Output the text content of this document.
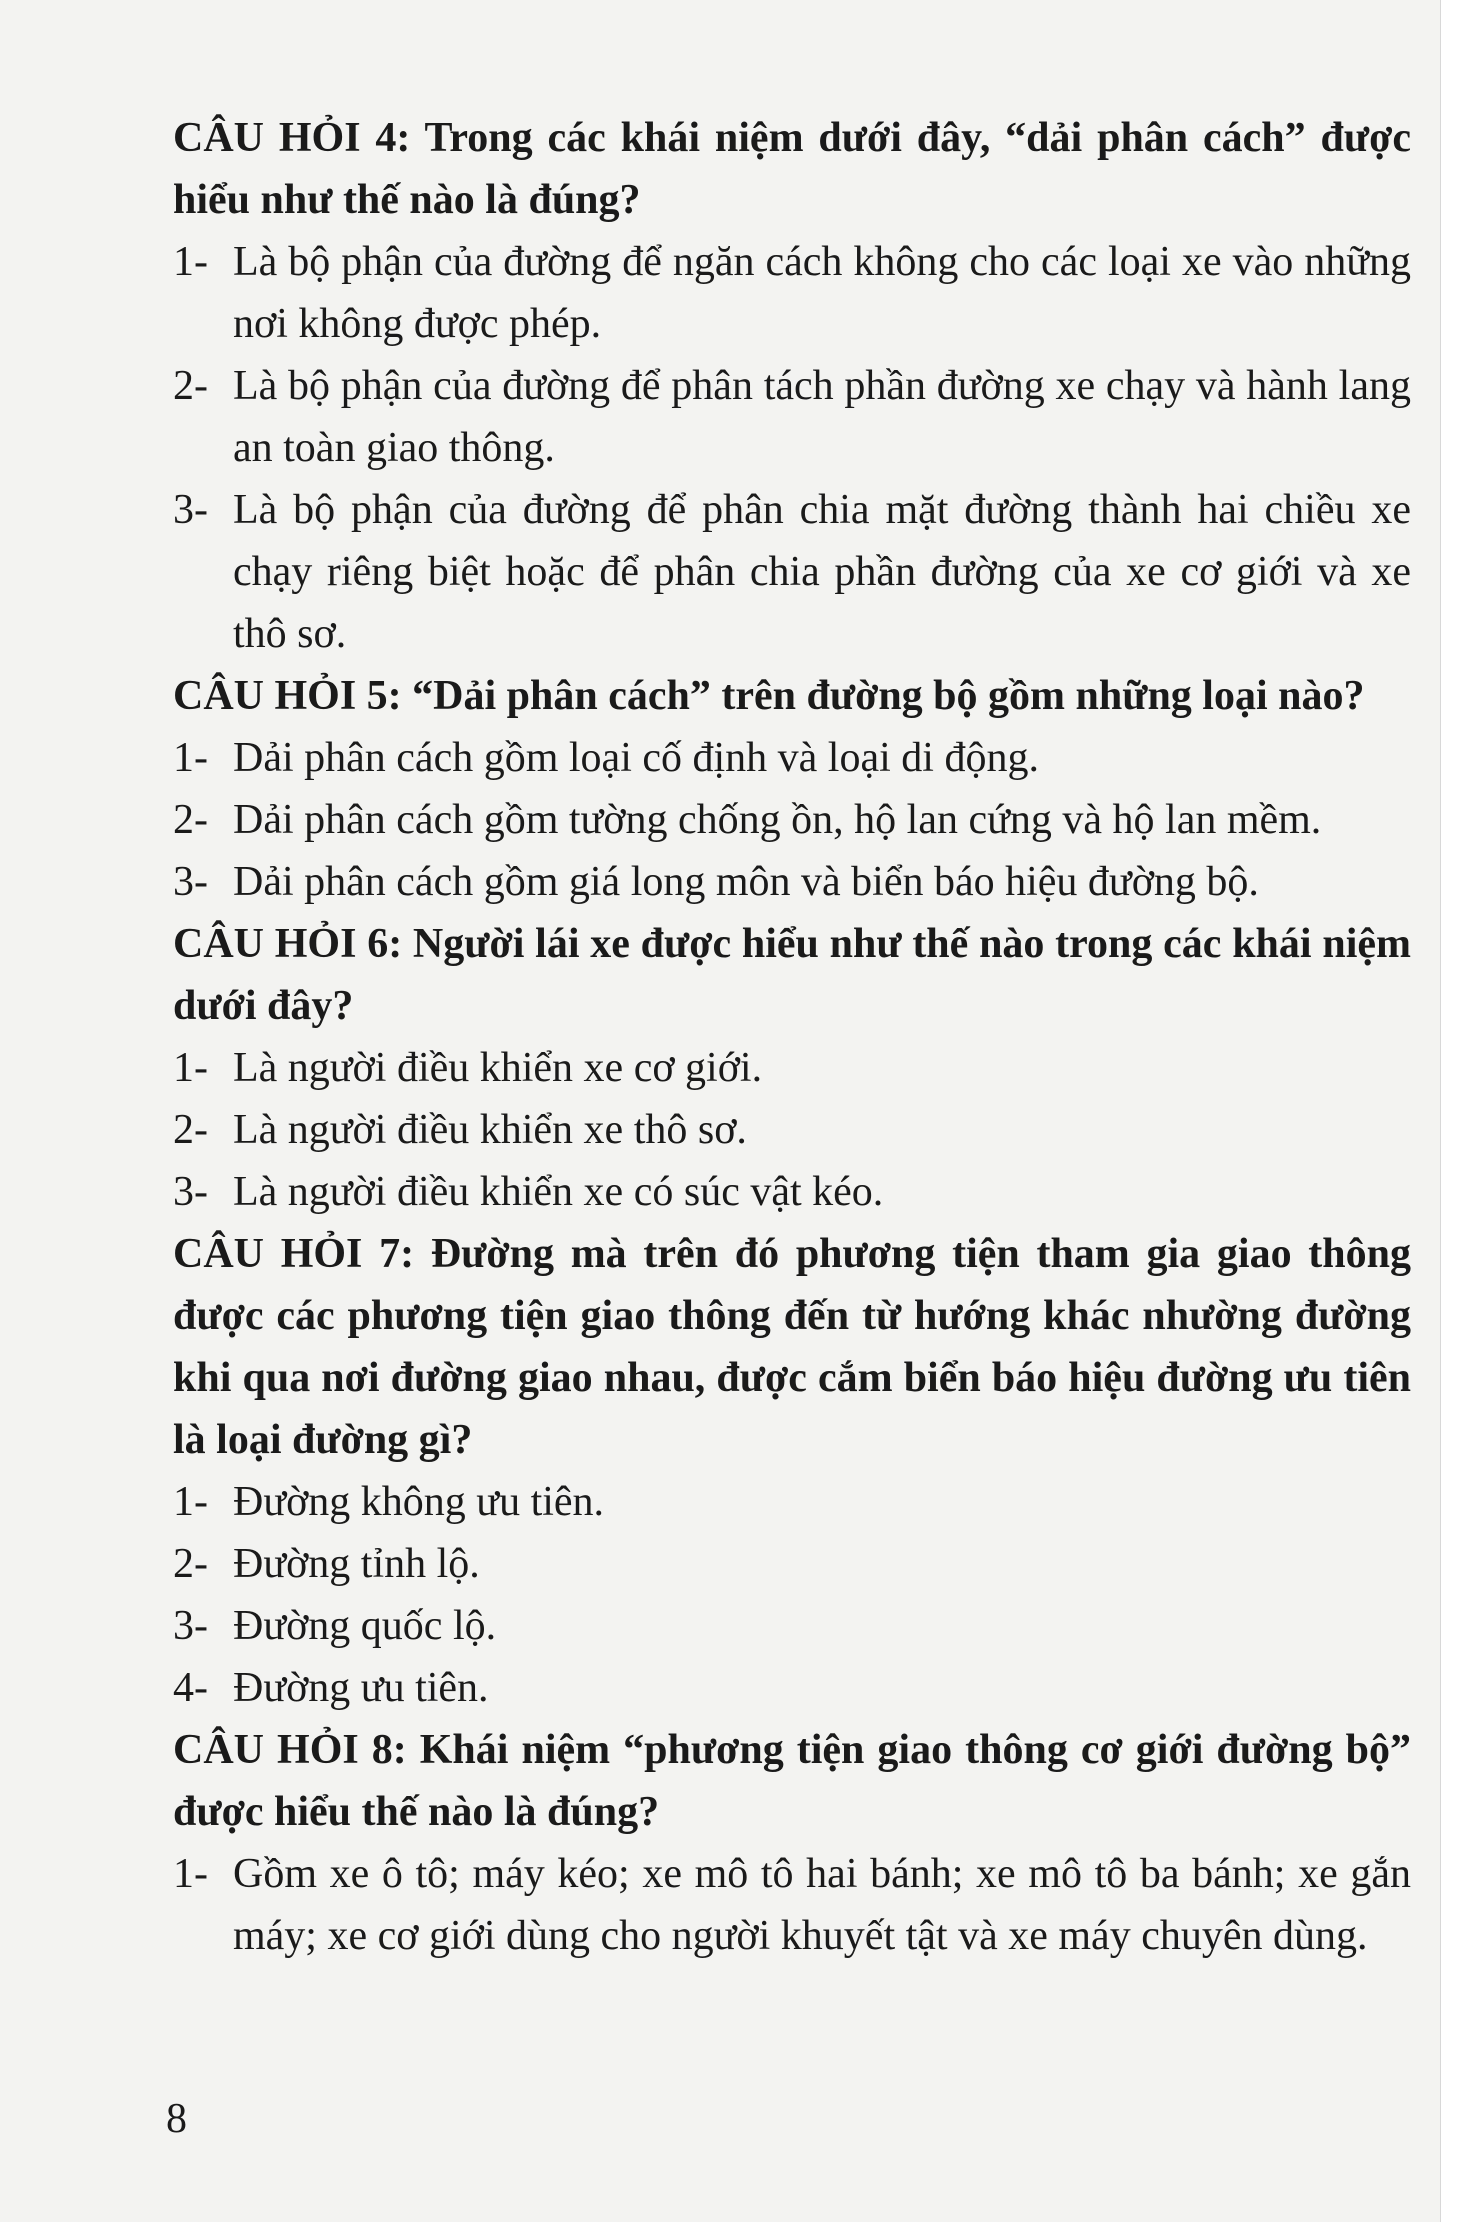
CÂU HỎI 4: Trong các khái niệm dưới đây, “dải phân cách” được hiểu như thế nào là đúng?
1- Là bộ phận của đường để ngăn cách không cho các loại xe vào những nơi không được phép.
2- Là bộ phận của đường để phân tách phần đường xe chạy và hành lang an toàn giao thông.
3- Là bộ phận của đường để phân chia mặt đường thành hai chiều xe chạy riêng biệt hoặc để phân chia phần đường của xe cơ giới và xe thô sơ.
CÂU HỎI 5: “Dải phân cách” trên đường bộ gồm những loại nào?
1- Dải phân cách gồm loại cố định và loại di động.
2- Dải phân cách gồm tường chống ồn, hộ lan cứng và hộ lan mềm.
3- Dải phân cách gồm giá long môn và biển báo hiệu đường bộ.
CÂU HỎI 6: Người lái xe được hiểu như thế nào trong các khái niệm dưới đây?
1- Là người điều khiển xe cơ giới.
2- Là người điều khiển xe thô sơ.
3- Là người điều khiển xe có súc vật kéo.
CÂU HỎI 7: Đường mà trên đó phương tiện tham gia giao thông được các phương tiện giao thông đến từ hướng khác nhường đường khi qua nơi đường giao nhau, được cắm biển báo hiệu đường ưu tiên là loại đường gì?
1- Đường không ưu tiên.
2- Đường tỉnh lộ.
3- Đường quốc lộ.
4- Đường ưu tiên.
CÂU HỎI 8: Khái niệm “phương tiện giao thông cơ giới đường bộ” được hiểu thế nào là đúng?
1- Gồm xe ô tô; máy kéo; xe mô tô hai bánh; xe mô tô ba bánh; xe gắn máy; xe cơ giới dùng cho người khuyết tật và xe máy chuyên dùng.
8
